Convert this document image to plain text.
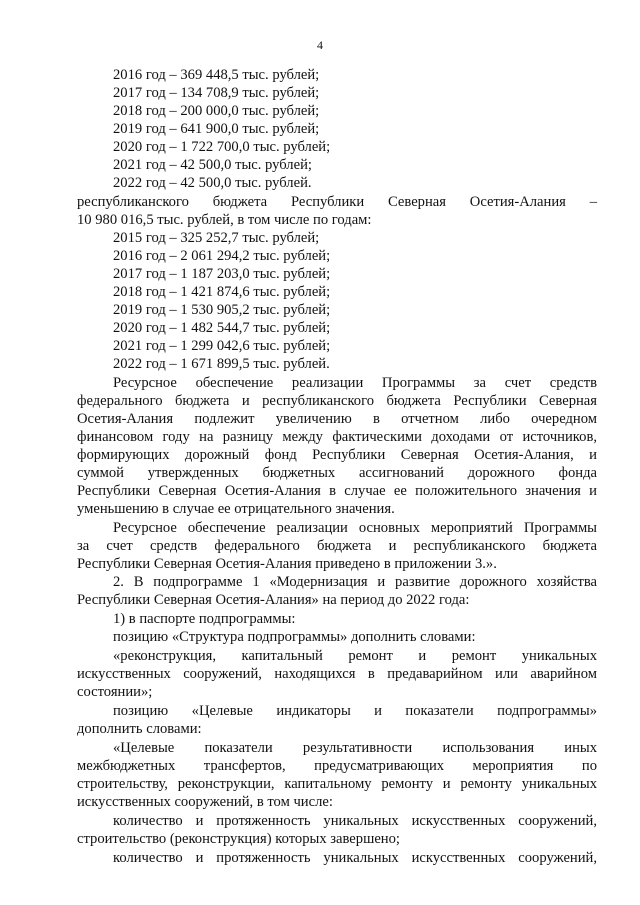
4
2016 год – 369 448,5 тыс. рублей;
2017 год – 134 708,9 тыс. рублей;
2018 год – 200 000,0 тыс. рублей;
2019 год – 641 900,0 тыс. рублей;
2020 год – 1 722 700,0 тыс. рублей;
2021 год – 42 500,0 тыс. рублей;
2022 год – 42 500,0 тыс. рублей.
республиканского бюджета Республики Северная Осетия-Алания –
10 980 016,5 тыс. рублей, в том числе по годам:
2015 год – 325 252,7 тыс. рублей;
2016 год – 2 061 294,2 тыс. рублей;
2017 год – 1 187 203,0 тыс. рублей;
2018 год – 1 421 874,6 тыс. рублей;
2019 год – 1 530 905,2 тыс. рублей;
2020 год – 1 482 544,7 тыс. рублей;
2021 год – 1 299 042,6 тыс. рублей;
2022 год – 1 671 899,5 тыс. рублей.
Ресурсное обеспечение реализации Программы за счет средств
федерального бюджета и республиканского бюджета Республики Северная
Осетия-Алания подлежит увеличению в отчетном либо очередном
финансовом году на разницу между фактическими доходами от источников,
формирующих дорожный фонд Республики Северная Осетия-Алания, и
суммой утвержденных бюджетных ассигнований дорожного фонда
Республики Северная Осетия-Алания в случае ее положительного значения и
уменьшению в случае ее отрицательного значения.
Ресурсное обеспечение реализации основных мероприятий Программы
за счет средств федерального бюджета и республиканского бюджета
Республики Северная Осетия-Алания приведено в приложении 3.».
2. В подпрограмме 1 «Модернизация и развитие дорожного хозяйства
Республики Северная Осетия-Алания» на период до 2022 года:
1) в паспорте подпрограммы:
позицию «Структура подпрограммы» дополнить словами:
«реконструкция, капитальный ремонт и ремонт уникальных
искусственных сооружений, находящихся в предаварийном или аварийном
состоянии»;
позицию «Целевые индикаторы и показатели подпрограммы»
дополнить словами:
«Целевые показатели результативности использования иных
межбюджетных трансфертов, предусматривающих мероприятия по
строительству, реконструкции, капитальному ремонту и ремонту уникальных
искусственных сооружений, в том числе:
количество и протяженность уникальных искусственных сооружений,
строительство (реконструкция) которых завершено;
количество и протяженность уникальных искусственных сооружений,
